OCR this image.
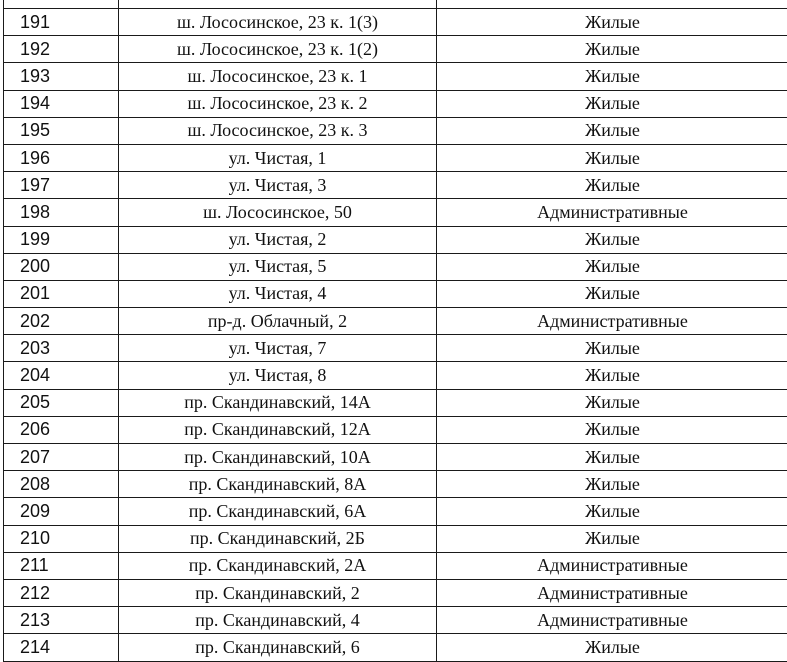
191	ш. Лососинское, 23 к. 1(3)	Жилые
192	ш. Лососинское, 23 к. 1(2)	Жилые
193	ш. Лососинское, 23 к. 1	Жилые
194	ш. Лососинское, 23 к. 2	Жилые
195	ш. Лососинское, 23 к. 3	Жилые
196	ул. Чистая, 1	Жилые
197	ул. Чистая, 3	Жилые
198	ш. Лососинское, 50	Административные
199	ул. Чистая, 2	Жилые
200	ул. Чистая, 5	Жилые
201	ул. Чистая, 4	Жилые
202	пр-д. Облачный, 2	Административные
203	ул. Чистая, 7	Жилые
204	ул. Чистая, 8	Жилые
205	пр. Скандинавский, 14А	Жилые
206	пр. Скандинавский, 12А	Жилые
207	пр. Скандинавский, 10А	Жилые
208	пр. Скандинавский, 8А	Жилые
209	пр. Скандинавский, 6А	Жилые
210	пр. Скандинавский, 2Б	Жилые
211	пр. Скандинавский, 2А	Административные
212	пр. Скандинавский, 2	Административные
213	пр. Скандинавский, 4	Административные
214	пр. Скандинавский, 6	Жилые
